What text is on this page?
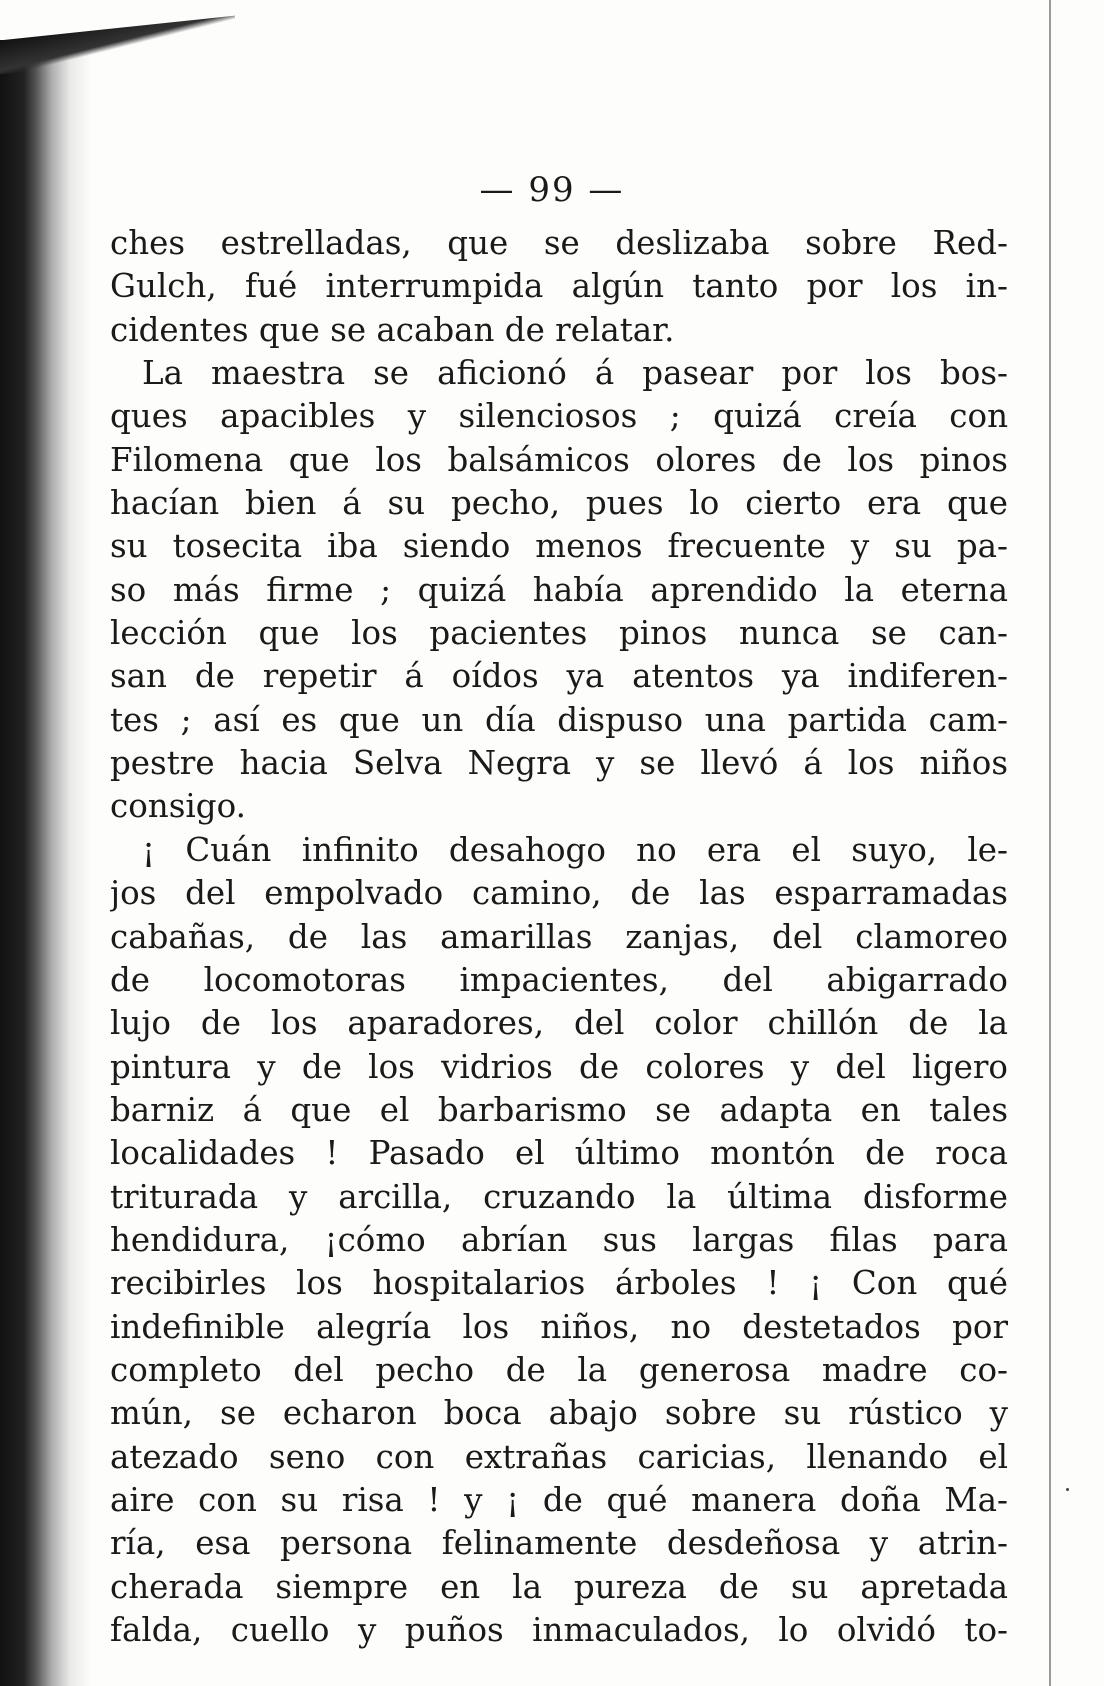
— 99 —
ches estrelladas, que se deslizaba sobre Red-
Gulch, fué interrumpida algún tanto por los in-
cidentes que se acaban de relatar.
La maestra se aficionó á pasear por los bos-
ques apacibles y silenciosos ; quizá creía con
Filomena que los balsámicos olores de los pinos
hacían bien á su pecho, pues lo cierto era que
su tosecita iba siendo menos frecuente y su pa-
so más firme ; quizá había aprendido la eterna
lección que los pacientes pinos nunca se can-
san de repetir á oídos ya atentos ya indiferen-
tes ; así es que un día dispuso una partida cam-
pestre hacia Selva Negra y se llevó á los niños
consigo.
¡ Cuán infinito desahogo no era el suyo, le-
jos del empolvado camino, de las esparramadas
cabañas, de las amarillas zanjas, del clamoreo
de locomotoras impacientes, del abigarrado
lujo de los aparadores, del color chillón de la
pintura y de los vidrios de colores y del ligero
barniz á que el barbarismo se adapta en tales
localidades ! Pasado el último montón de roca
triturada y arcilla, cruzando la última disforme
hendidura, ¡cómo abrían sus largas filas para
recibirles los hospitalarios árboles ! ¡ Con qué
indefinible alegría los niños, no destetados por
completo del pecho de la generosa madre co-
mún, se echaron boca abajo sobre su rústico y
atezado seno con extrañas caricias, llenando el
aire con su risa ! y ¡ de qué manera doña Ma-
ría, esa persona felinamente desdeñosa y atrin-
cherada siempre en la pureza de su apretada
falda, cuello y puños inmaculados, lo olvidó to-
